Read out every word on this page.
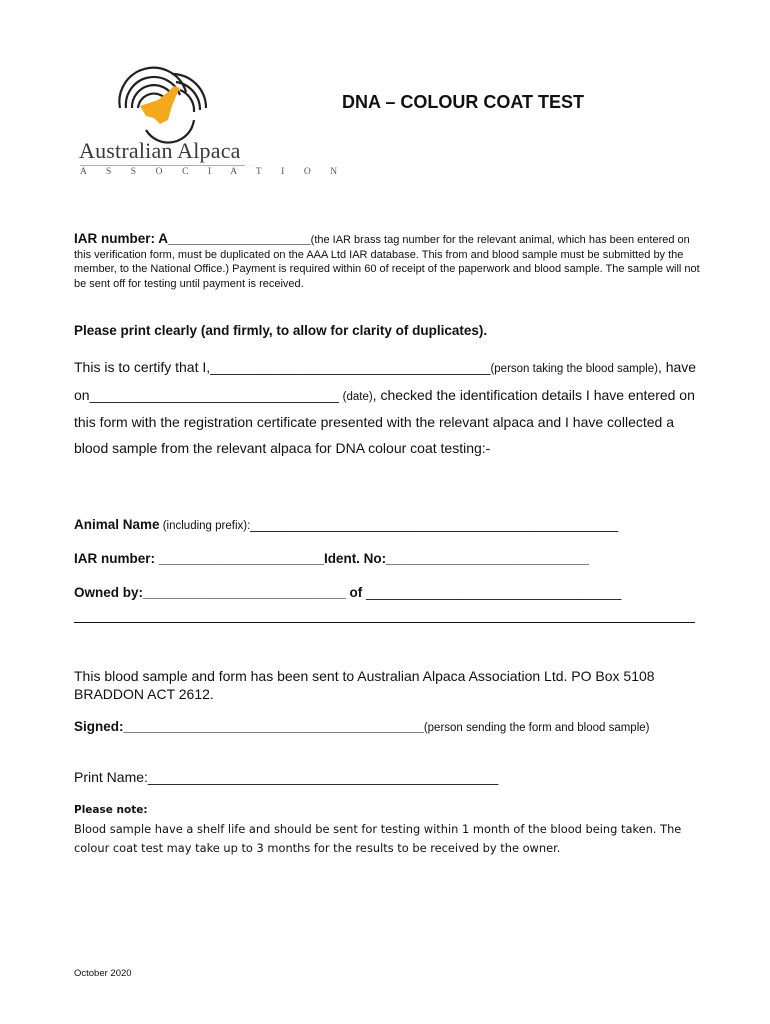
Australian Alpaca
A S S O C I A T I O N
DNA – COLOUR COAT TEST
IAR number: A___________________(the IAR brass tag number for the relevant animal, which has been entered on this verification form, must be duplicated on the AAA Ltd IAR database. This from and blood sample must be submitted by the member, to the National Office.) Payment is required within 60 of receipt of the paperwork and blood sample. The sample will not be sent off for testing until payment is received.
Please print clearly (and firmly, to allow for clarity of duplicates).
This is to certify that I,____________________________________(person taking the blood sample), have on________________________________ (date), checked the identification details I have entered on this form with the registration certificate presented with the relevant alpaca and I have collected a blood sample from the relevant alpaca for DNA colour coat testing:-
Animal Name (including prefix):_________________________________________________
IAR number: ______________________Ident. No:___________________________
Owned by:___________________________ of __________________________________
This blood sample and form has been sent to Australian Alpaca Association Ltd. PO Box 5108 BRADDON ACT 2612.
Signed:________________________________________(person sending the form and blood sample)
Print Name:_____________________________________________
Please note:
Blood sample have a shelf life and should be sent for testing within 1 month of the blood being taken. The colour coat test may take up to 3 months for the results to be received by the owner.
October 2020
